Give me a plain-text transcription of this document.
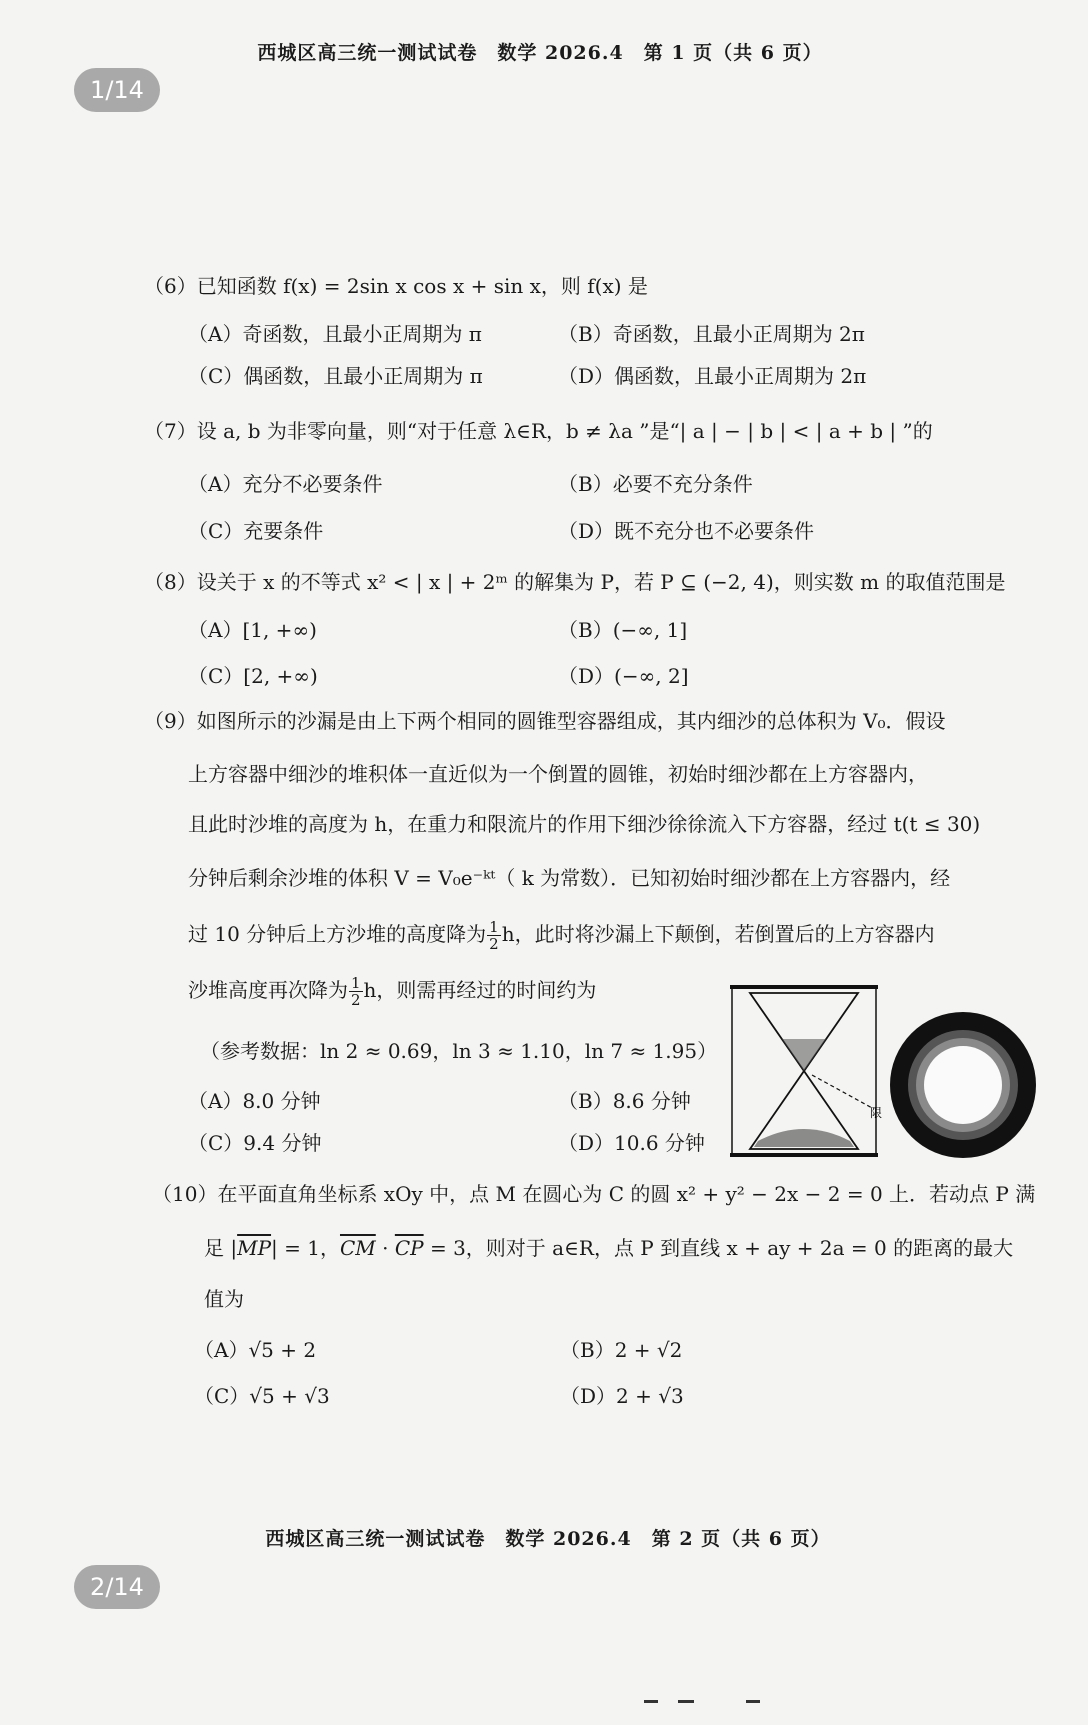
西城区高三统一测试试卷　数学 2026.4　第 1 页（共 6 页）
1/14
（6）已知函数 f(x) = 2sin x cos x + sin x，则 f(x) 是
（A）奇函数，且最小正周期为 π	（B）奇函数，且最小正周期为 2π
（C）偶函数，且最小正周期为 π	（D）偶函数，且最小正周期为 2π
（7）设 a, b 为非零向量，则“对于任意 λ∈R，b ≠ λa ”是“| a | − | b | < | a + b | ”的
（A）充分不必要条件	（B）必要不充分条件
（C）充要条件	（D）既不充分也不必要条件
（8）设关于 x 的不等式 x² < | x | + 2ᵐ 的解集为 P，若 P ⊆ (−2, 4)，则实数 m 的取值范围是
（A）[1, +∞)	（B）(−∞, 1]
（C）[2, +∞)	（D）(−∞, 2]
（9）如图所示的沙漏是由上下两个相同的圆锥型容器组成，其内细沙的总体积为 V₀．假设
上方容器中细沙的堆积体一直近似为一个倒置的圆锥，初始时细沙都在上方容器内，
且此时沙堆的高度为 h，在重力和限流片的作用下细沙徐徐流入下方容器，经过 t(t ≤ 30)
分钟后剩余沙堆的体积 V = V₀e⁻ᵏᵗ（ k 为常数）．已知初始时细沙都在上方容器内，经
过 10 分钟后上方沙堆的高度降为 $\frac{1}{2}$ h，此时将沙漏上下颠倒，若倒置后的上方容器内
沙堆高度再次降为 $\frac{1}{2}$ h，则需再经过的时间约为
（参考数据：ln 2 ≈ 0.69，ln 3 ≈ 1.10，ln 7 ≈ 1.95）
（A）8.0 分钟	（B）8.6 分钟
（C）9.4 分钟	（D）10.6 分钟
限
（10）在平面直角坐标系 xOy 中，点 M 在圆心为 C 的圆 x² + y² − 2x − 2 = 0 上．若动点 P 满
足 $|\overline{MP}| = 1$，$\overline{CM} \cdot \overline{CP} = 3$，则对于 a∈R，点 P 到直线 x + ay + 2a = 0 的距离的最大
值为
（A）√5 + 2	（B）2 + √2
（C）√5 + √3	（D）2 + √3
西城区高三统一测试试卷　数学 2026.4　第 2 页（共 6 页）
2/14
